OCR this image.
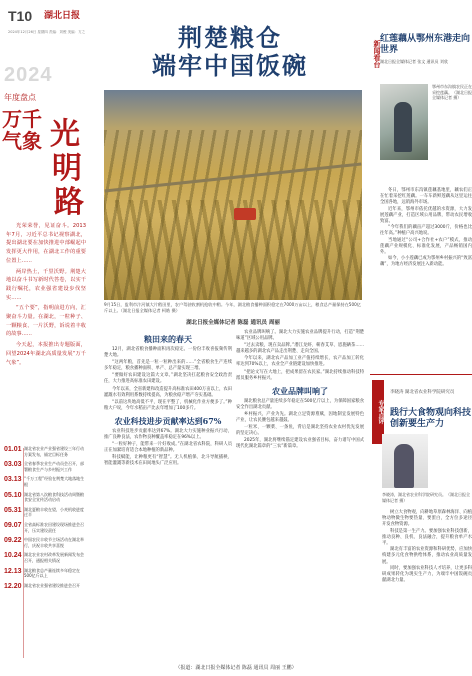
T10 湖北日报
2024年12月26日 星期四 责编：刘俊 美编：方之
2024
年度盘点
万千气象 光
明
路

光荣荣誉，见证奋斗。2013年7月，习近平总书记视察湖北，提出湖北要在加快推进中部崛起中发挥更大作用，在湖北工作的重要位置上……

两岸热土，千里沃野。荆楚大地以奋斗书写新时代答卷，以实干践行嘱托，农业强省建设步伐坚实……

“五个要”，指明前进方向，汇聚奋斗力量。在湖北，一粒种子、一颗粮食、一片沃野，诉说着丰收的故事……

今天起，本报推出专题版面，回望2024年湖北高质量发展“万千气象”。

01.01 湖北省农业产业强省建设三年行动方案发布，锚定目标任务
03.03 全省春季农业生产动员会召开，部署粮食生产与乡村振兴工作
03.13 “千万工程”经验在荆楚大地落地生根
05.10 湖北省第八次粮食科技活动周暨粮食安全宣传活动启动
05.31 湖北夏粮丰收在望，小麦机收进度过半
09.07 全省高标准农田建设现场推进会召开，压实建设责任
09.22 中国农民丰收节主场活动在湖北举行，庆祝丰收共享喜悦
10.24 湖北农业农村改革发展新闻发布会召开，通报相关情况
12.13 湖北粮食总产量连续多年稳定在500亿斤以上
12.20 湖北省农业强省建设推进会召开
荆楚粮仓
端牢中国饭碗
9月15日，监利市汴河镇大片稻田里，农户驾驶收割机抢收中稻。今年，湖北粮食播种面积稳定在7000万亩以上，粮食总产量保持在500亿斤以上。（湖北日报全媒体记者 柯皓 摄）
湖北日报全媒体记者 陈磊 通讯员 周丽
粮田来的春天

12月，湖北省粮食播种面积再次稳定。一份份丰收喜报频传荆楚大地。

“这两年粮，首先是一粒一粒种出来的……”全省粮食生产连续多年稳定，粮食播种面积、单产、总产量实现三增。

“要做好农田建设这篇大文章。”湖北坚决扛起粮食安全政治责任，大力推进高标准农田建设。

今年以来，全省新建和改造提升高标准农田400万亩以上，农田灌溉水有效利用系数持续提高，为粮食稳产增产夯实基础。

“以前这块地高低不平，现在平整了，机械化作业方便多了。”种粮大户说，今年水稻亩产比去年增加了100多斤。

农业科技进步贡献率达到67%

农业科技进步贡献率达到67%。湖北大力实施种业振兴行动，推广良种良法，农作物良种覆盖率稳定在96%以上。

“一粒好种子，能带来一片好收成。”在湖北省农科院，科研人员正在加紧培育适合本地种植的新品种。

科技赋能，让种粮更有“智慧”。无人机植保、北斗导航插秧、智能灌溉等新技术在田间地头广泛应用。

农业品牌叫响了。湖北大力实施农业品牌提升行动，打造“荆楚味道”区域公用品牌。

“过去卖粮，现在卖品牌。”潜江龙虾、蕲春艾草、恩施硒茶……越来越多的湖北农产品走出荆楚、走向全国。

今年以来，湖北农产品加工业产值持续增长，农产品加工转化率达到70%以上，农业全产业链建设加快推进。

“把论文写在大地上，把成果留在农民家。”湖北持续推动科技特派员服务乡村振兴。

农业品牌叫响了

湖北粮食总产量连续多年稳定在500亿斤以上，为保障国家粮食安全作出湖北贡献。

乡村振兴，产业为先。湖北立足资源禀赋，因地制宜发展特色产业，让农民腰包越来越鼓。

一粒米、一颗菜、一条鱼，背后是湖北坚持农业农村优先发展的坚定决心。

2025年，湖北将继续锚定建设农业强省目标，奋力谱写中国式现代化湖北篇章的“三农”新篇章。

新闻看台
红莲藕从鄂州东港走向世界
湖北日报全媒体记者 张文 通讯员 刘欣
鄂州市东沟镇农民正在采挖莲藕。（湖北日报全媒体记者 摄）

冬日，鄂州市东沟镇莲藕基地里，藕农们正在忙着采挖红莲藕。一车车新鲜莲藕从这里运往全国各地，远销海外市场。

近年来，鄂州市依托优越的水资源，大力发展莲藕产业，打造区域公用品牌，带动农民增收致富。

“今年我们的藕亩产超过3000斤，价格也比往年高。”种植户高兴地说。

当地通过“公司+合作社+农户”模式，推动莲藕产业规模化、标准化发展，产品畅销国内外。

如今，小小莲藕已成为鄂州乡村振兴的“致富藕”，为地方经济发展注入新动能。

专家点评
李晓涛 湖北省农业科学院研究员
践行大食物观向科技创新要生产力
李晓涛，湖北省农业科学院研究员。（湖北日报全媒体记者 摄）

树立大食物观，向耕地草原森林海洋、向植物动物微生物要热量、要蛋白，全方位多途径开发食物资源。

科技是第一生产力。要加强农业科技创新，推动良种、良机、良法融合，提升粮食单产水平。

湖北有丰富的农业资源和科研优势，应加快构建多元化食物供给体系，推动农业高质量发展。

同时，要加强农业科技人才培养，让更多科研成果转化为现实生产力，为端牢中国饭碗贡献湖北力量。

（报道：湖北日报全媒体记者 陈磊 通讯员 周丽 王鹏）
